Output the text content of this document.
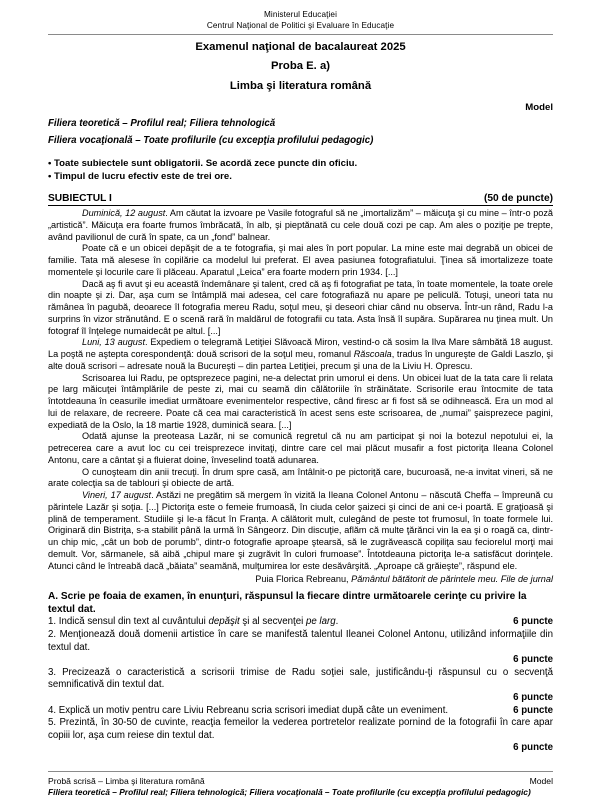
Ministerul Educaţiei
Centrul Naţional de Politici şi Evaluare în Educaţie
Examenul naţional de bacalaureat 2025
Proba E. a)
Limba şi literatura română
Model
Filiera teoretică – Profilul real; Filiera tehnologică
Filiera vocaţională – Toate profilurile (cu excepţia profilului pedagogic)
• Toate subiectele sunt obligatorii. Se acordă zece puncte din oficiu.
• Timpul de lucru efectiv este de trei ore.
SUBIECTUL I	(50 de puncte)

Duminică, 12 august. Am căutat la izvoare pe Vasile fotograful să ne „imortalizăm” – măicuţa şi cu mine – într-o poză „artistică”. Măicuţa era foarte frumos îmbrăcată, în alb, şi pieptănată cu cele două cozi pe cap. Am ales o poziţie pe trepte, având pavilionul de cură în spate, ca un „fond” balnear.

Poate că e un obicei depăşit de a te fotografia, şi mai ales în port popular. La mine este mai degrabă un obicei de familie. Tata mă alesese în copilărie ca modelul lui preferat. El avea pasiunea fotografiatului. Ţinea să imortalizeze toate momentele şi locurile care îi plăceau. Aparatul „Leica” era foarte modern prin 1934. [...]

Dacă aş fi avut şi eu această îndemânare şi talent, cred că aş fi fotografiat pe tata, în toate momentele, la toate orele din noapte şi zi. Dar, aşa cum se întâmplă mai adesea, cel care fotografiază nu apare pe peliculă. Totuşi, uneori tata nu rămânea în pagubă, deoarece îl fotografia mereu Radu, soţul meu, şi deseori chiar când nu observa. Într-un rând, Radu l-a surprins în vizor strănutând. E o scenă rară în maldărul de fotografii cu tata. Asta însă îl supăra. Supărarea nu ţinea mult. Un fotograf îl înţelege numaidecât pe altul. [...]

Luni, 13 august. Expediem o telegramă Letiţiei Slăvoacă Miron, vestind-o că sosim la Ilva Mare sâmbătă 18 august. La poştă ne aştepta corespondenţă: două scrisori de la soţul meu, romanul Răscoala, tradus în ungureşte de Galdi Laszlo, şi alte două scrisori – adresate nouă la Bucureşti – din partea Letiţiei, precum şi una de la Liviu H. Oprescu.

Scrisoarea lui Radu, pe optsprezece pagini, ne-a delectat prin umorul ei dens. Un obicei luat de la tata care îi relata pe larg măicuţei întâmplările de peste zi, mai cu seamă din călătoriile în străinătate. Scrisorile erau întocmite de tata întotdeauna în ceasurile imediat următoare evenimentelor respective, când firesc ar fi fost să se odihnească. Era un mod al lui de relaxare, de recreere. Poate că cea mai caracteristică în acest sens este scrisoarea, de „numai” şaisprezece pagini, expediată de la Oslo, la 18 martie 1928, duminică seara. [...]

Odată ajunse la preoteasa Lazăr, ni se comunică regretul că nu am participat şi noi la botezul nepotului ei, la petrecerea care a avut loc cu cei treisprezece invitaţi, dintre care cel mai plăcut musafir a fost pictoriţa Ileana Colonel Antonu, care a cântat şi a fluierat doine, înveselind toată adunarea.

O cunoşteam din anii trecuţi. În drum spre casă, am întâlnit-o pe pictoriţă care, bucuroasă, ne-a invitat vineri, să ne arate colecţia sa de tablouri şi obiecte de artă.

Vineri, 17 august. Astăzi ne pregătim să mergem în vizită la Ileana Colonel Antonu – născută Cheffa – împreună cu părintele Lazăr şi soţia. [...] Pictoriţa este o femeie frumoasă, în ciuda celor şaizeci şi cinci de ani ce-i poartă. E graţioasă şi plină de temperament. Studiile şi le-a făcut în Franţa. A călătorit mult, culegând de peste tot frumosul, în toate formele lui. Originară din Bistriţa, s-a stabilit până la urmă în Sângeorz. Din discuţie, aflăm că multe ţărănci vin la ea şi o roagă ca, dintr-un chip mic, „cât un bob de porumb”, dintr-o fotografie aproape ştearsă, să le zugrăvească copiliţa sau feciorelul morţi mai demult. Vor, sărmanele, să aibă „chipul mare şi zugrăvit în culori frumoase”. Întotdeauna pictoriţa le-a satisfăcut dorinţele. Atunci când le întreabă dacă „băiata” seamănă, mulţumirea lor este desăvârşită. „Aproape că grăieşte”, răspund ele.

Puia Florica Rebreanu, Pământul bătătorit de părintele meu. File de jurnal
A. Scrie pe foaia de examen, în enunţuri, răspunsul la fiecare dintre următoarele cerinţe cu privire la textul dat.
1. Indică sensul din text al cuvântului depăşit şi al secvenţei pe larg.	6 puncte
2. Menţionează două domenii artistice în care se manifestă talentul Ileanei Colonel Antonu, utilizând informaţiile din textul dat.
6 puncte
3. Precizează o caracteristică a scrisorii trimise de Radu soţiei sale, justificându-ţi răspunsul cu o secvenţă semnificativă din textul dat.
6 puncte
4. Explică un motiv pentru care Liviu Rebreanu scria scrisori imediat după câte un eveniment.	6 puncte
5. Prezintă, în 30-50 de cuvinte, reacţia femeilor la vederea portretelor realizate pornind de la fotografii în care apar copiii lor, aşa cum reiese din textul dat.
6 puncte
Probă scrisă – Limba şi literatura română	Model
Filiera teoretică – Profilul real; Filiera tehnologică; Filiera vocaţională – Toate profilurile (cu excepţia profilului pedagogic)
